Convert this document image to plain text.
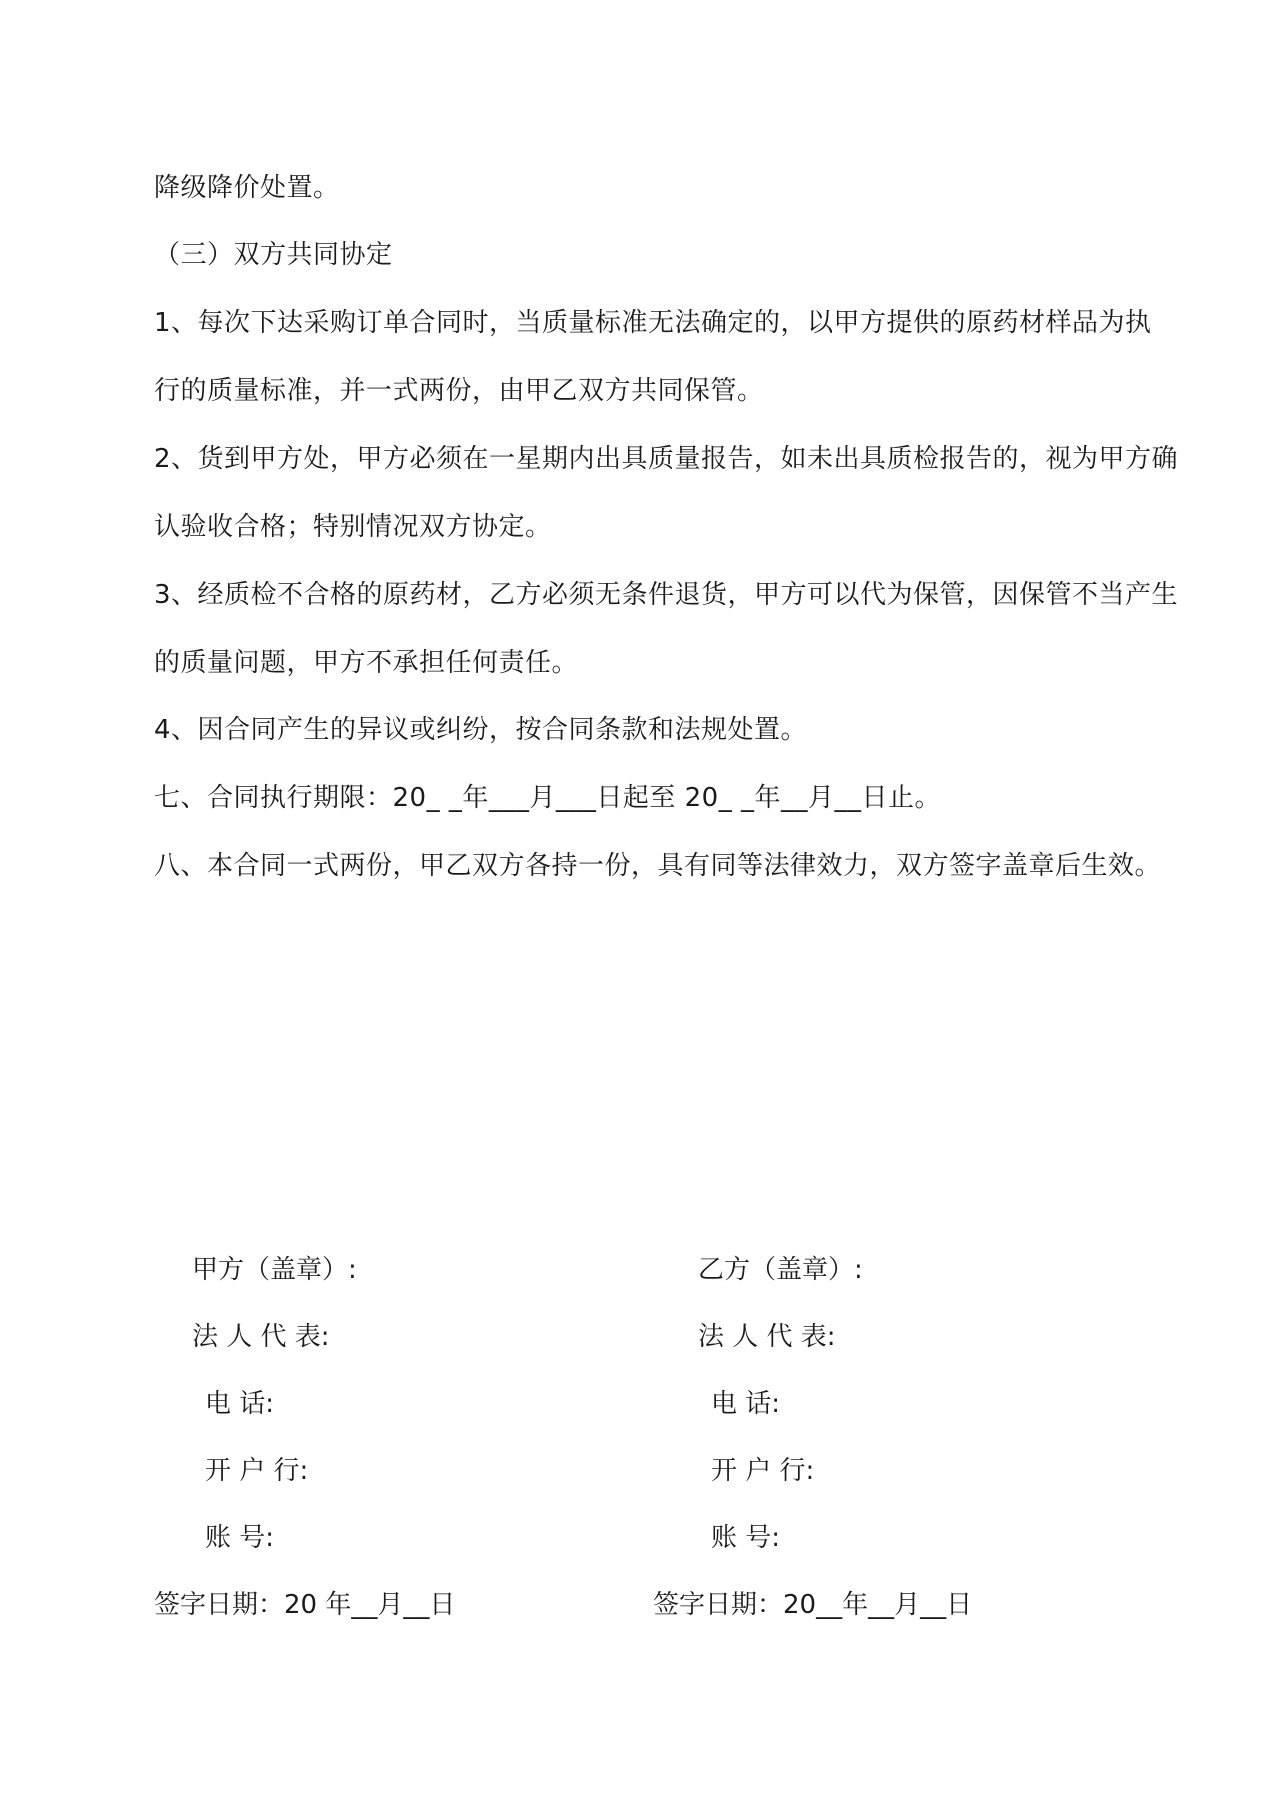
降级降价处置。
（三）双方共同协定
1、每次下达采购订单合同时，当质量标准无法确定的，以甲方提供的原药材样品为执
行的质量标准，并一式两份，由甲乙双方共同保管。
2、货到甲方处，甲方必须在一星期内出具质量报告，如未出具质检报告的，视为甲方确
认验收合格；特别情况双方协定。
3、经质检不合格的原药材，乙方必须无条件退货，甲方可以代为保管，因保管不当产生
的质量问题，甲方不承担任何责任。
4、因合同产生的异议或纠纷，按合同条款和法规处置。
七、合同执行期限：20_ _年___月___日起至 20_ _年__月__日止。
八、本合同一式两份，甲乙双方各持一份，具有同等法律效力，双方签字盖章后生效。
甲方（盖章）:
法 人 代 表:
电 话:
开 户 行:
账 号:
签字日期：20 年__月__日
乙方（盖章）:
法 人 代 表:
电 话:
开 户 行:
账 号:
签字日期：20__年__月__日
